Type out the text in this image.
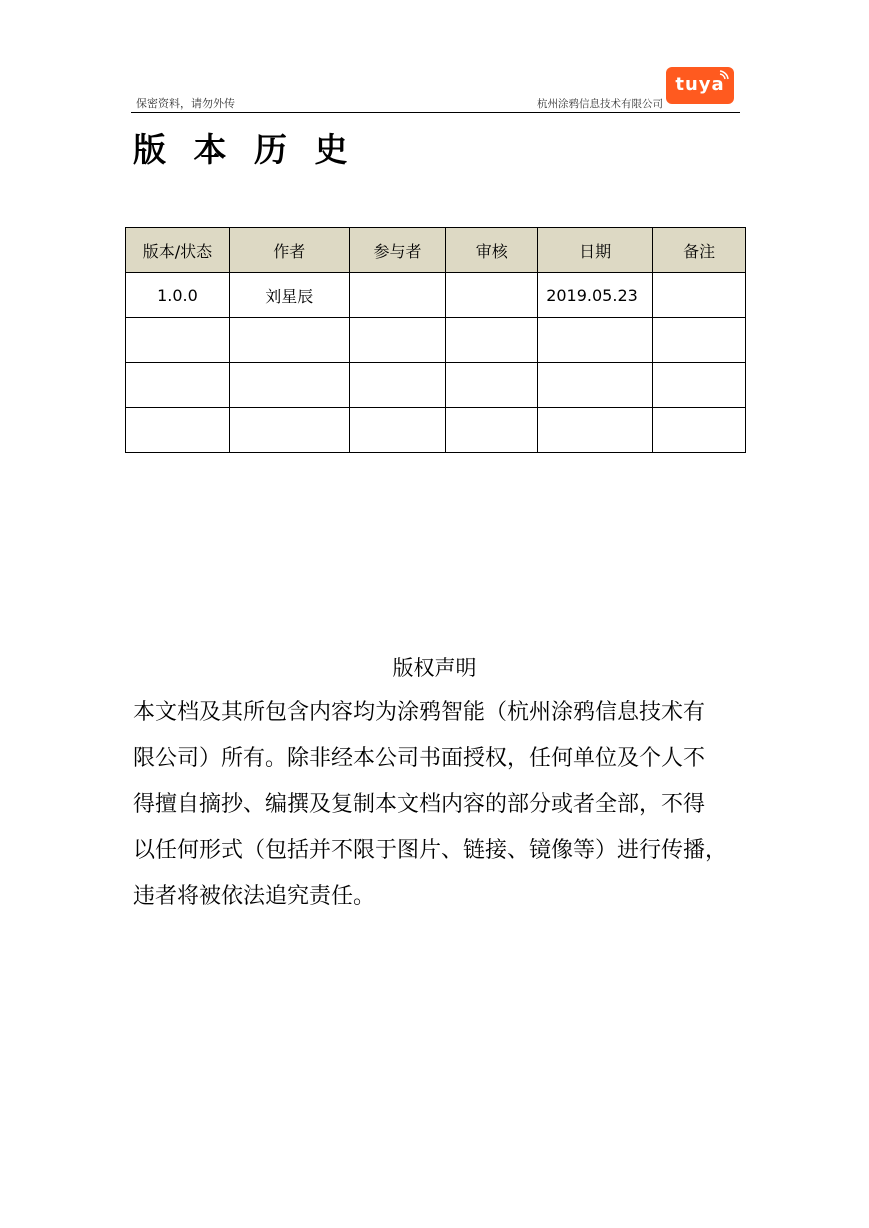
保密资料，请勿外传	杭州涂鸦信息技术有限公司
tuya
版 本 历 史
版本/状态	作者	参与者	审核	日期	备注
1.0.0	刘星辰			2019.05.23	

版权声明
本文档及其所包含内容均为涂鸦智能（杭州涂鸦信息技术有
限公司）所有。除非经本公司书面授权，任何单位及个人不
得擅自摘抄、编撰及复制本文档内容的部分或者全部，不得
以任何形式（包括并不限于图片、链接、镜像等）进行传播，
违者将被依法追究责任。
